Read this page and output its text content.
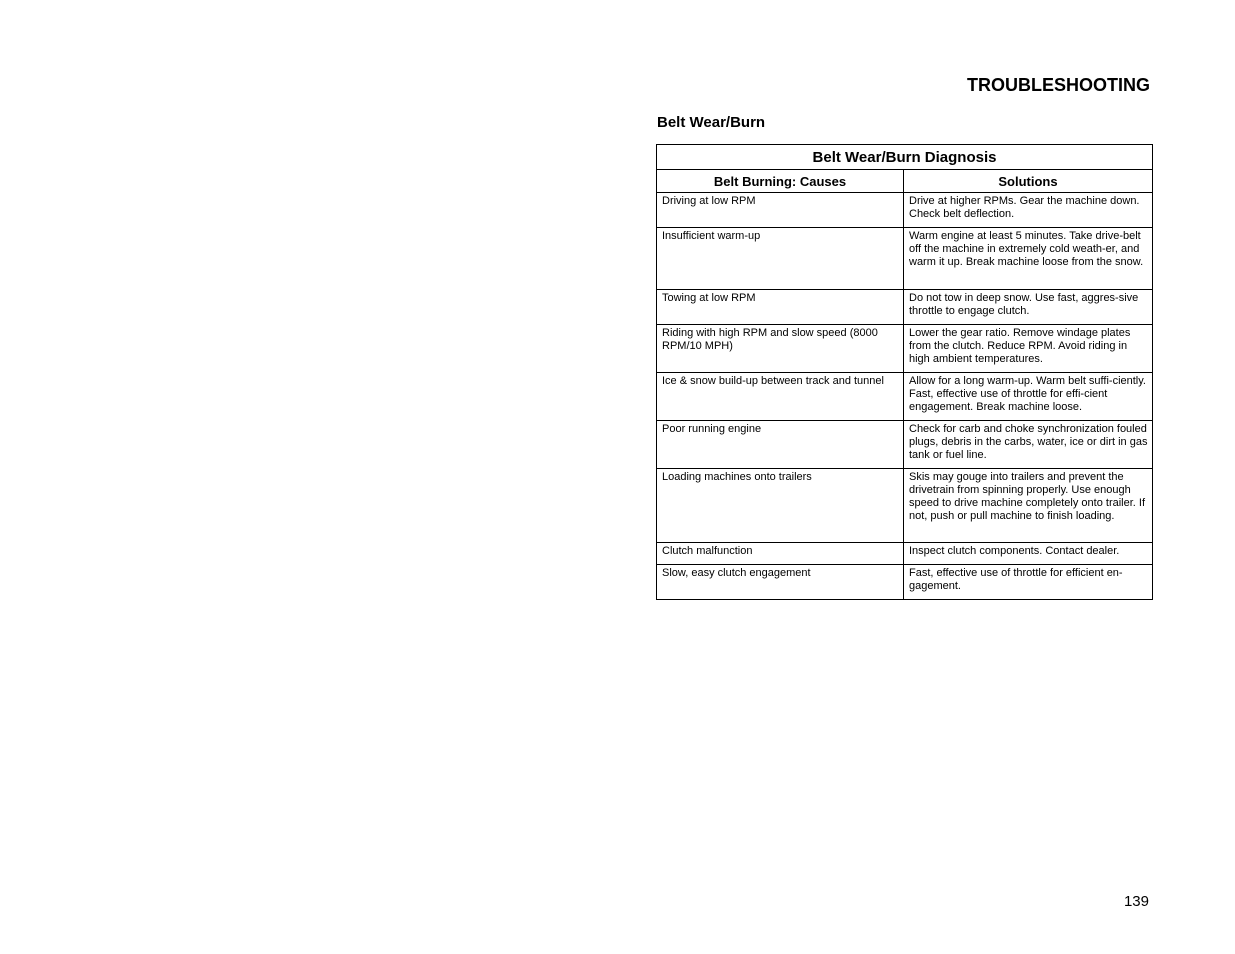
TROUBLESHOOTING
Belt Wear/Burn
Belt Wear/Burn Diagnosis	
Belt Burning: Causes	Solutions
Driving at low RPM	Drive at higher RPMs. Gear the machine down. Check belt deflection.
Insufficient warm-up	Warm engine at least 5 minutes. Take drive-belt off the machine in extremely cold weath-er, and warm it up. Break machine loose from the snow.
Towing at low RPM	Do not tow in deep snow. Use fast, aggres-sive throttle to engage clutch.
Riding with high RPM and slow speed (8000 RPM/10 MPH)	Lower the gear ratio. Remove windage plates from the clutch. Reduce RPM. Avoid riding in high ambient temperatures.
Ice & snow build-up between track and tunnel	Allow for a long warm-up. Warm belt suffi-ciently. Fast, effective use of throttle for effi-cient engagement. Break machine loose.
Poor running engine	Check for carb and choke synchronization fouled plugs, debris in the carbs, water, ice or dirt in gas tank or fuel line.
Loading machines onto trailers	Skis may gouge into trailers and prevent the drivetrain from spinning properly. Use enough speed to drive machine completely onto trailer. If not, push or pull machine to finish loading.
Clutch malfunction	Inspect clutch components. Contact dealer.
Slow, easy clutch engagement	Fast, effective use of throttle for efficient en-gagement.

139
